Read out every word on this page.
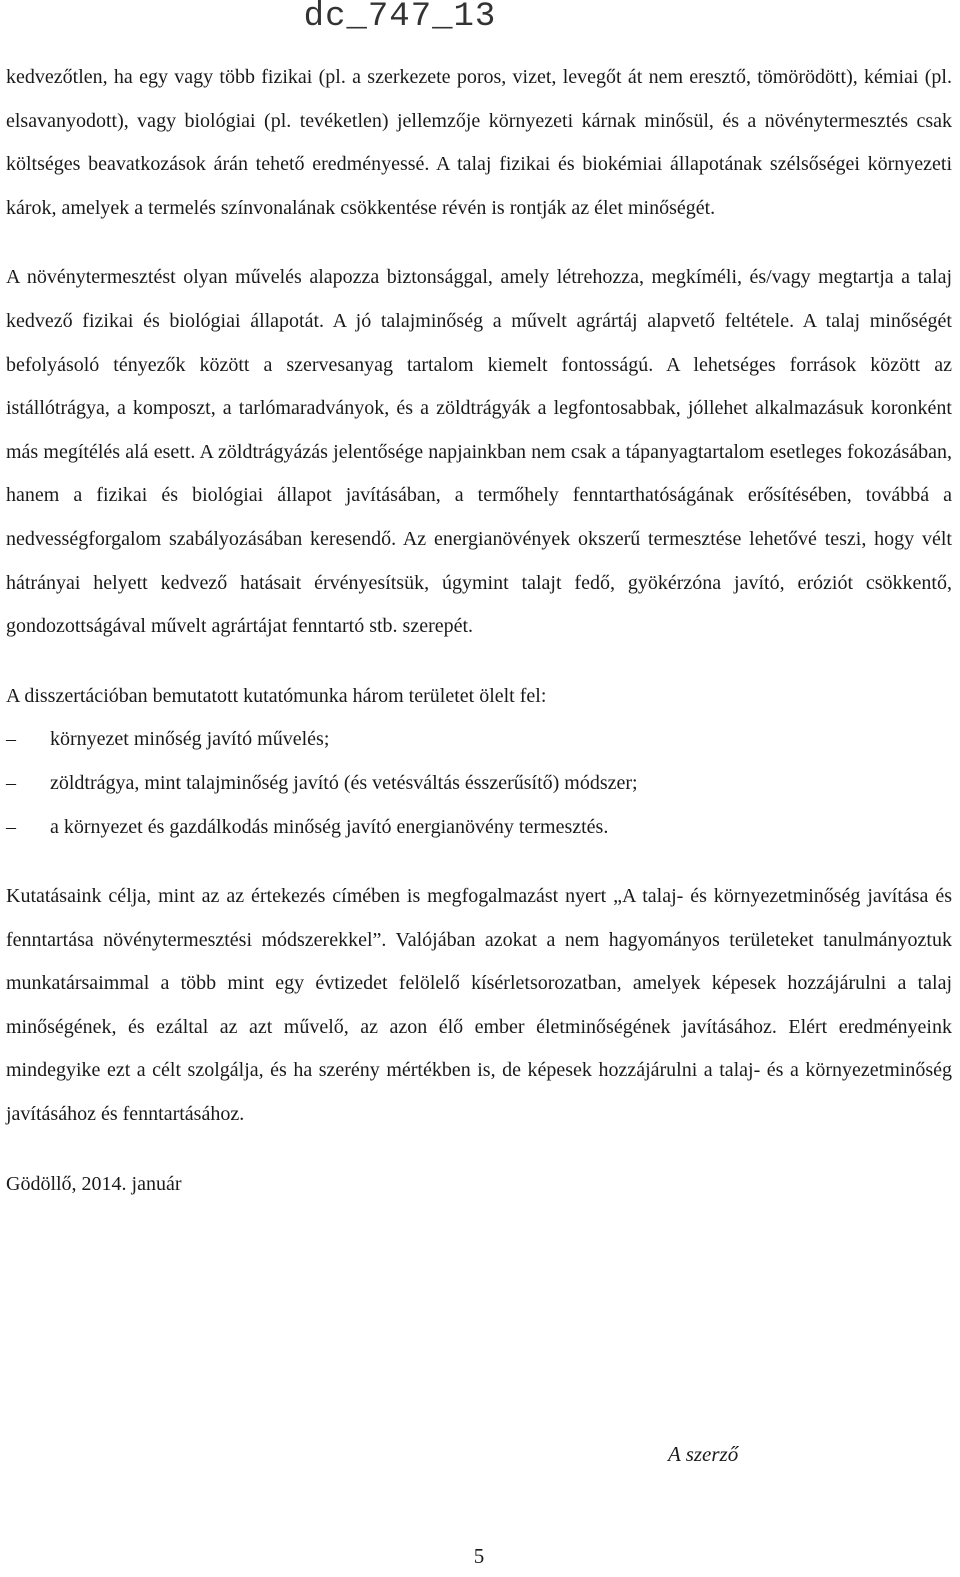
dc_747_13

kedvezőtlen, ha egy vagy több fizikai (pl. a szerkezete poros, vizet, levegőt át nem eresztő, tömörödött), kémiai (pl. elsavanyodott), vagy biológiai (pl. tevéketlen) jellemzője környezeti kárnak minősül, és a növénytermesztés csak költséges beavatkozások árán tehető eredményessé. A talaj fizikai és biokémiai állapotának szélsőségei környezeti károk, amelyek a termelés színvonalának csökkentése révén is rontják az élet minőségét.

A növénytermesztést olyan művelés alapozza biztonsággal, amely létrehozza, megkíméli, és/vagy megtartja a talaj kedvező fizikai és biológiai állapotát. A jó talajminőség a művelt agrártáj alapvető feltétele. A talaj minőségét befolyásoló tényezők között a szervesanyag tartalom kiemelt fontosságú. A lehetséges források között az istállótrágya, a komposzt, a tarlómaradványok, és a zöldtrágyák a legfontosabbak, jóllehet alkalmazásuk koronként más megítélés alá esett. A zöldtrágyázás jelentősége napjainkban nem csak a tápanyagtartalom esetleges fokozásában, hanem a fizikai és biológiai állapot javításában, a termőhely fenntarthatóságának erősítésében, továbbá a nedvességforgalom szabályozásában keresendő. Az energianövények okszerű termesztése lehetővé teszi, hogy vélt hátrányai helyett kedvező hatásait érvényesítsük, úgymint talajt fedő, gyökérzóna javító, eróziót csökkentő, gondozottságával művelt agrártájat fenntartó stb. szerepét.

A disszertációban bemutatott kutatómunka három területet ölelt fel:

–	környezet minőség javító művelés;
–	zöldtrágya, mint talajminőség javító (és vetésváltás ésszerűsítő) módszer;
–	a környezet és gazdálkodás minőség javító energianövény termesztés.

Kutatásaink célja, mint az az értekezés címében is megfogalmazást nyert „A talaj- és környezetminőség javítása és fenntartása növénytermesztési módszerekkel”. Valójában azokat a nem hagyományos területeket tanulmányoztuk munkatársaimmal a több mint egy évtizedet felölelő kísérletsorozatban, amelyek képesek hozzájárulni a talaj minőségének, és ezáltal az azt művelő, az azon élő ember életminőségének javításához. Elért eredményeink mindegyike ezt a célt szolgálja, és ha szerény mértékben is, de képesek hozzájárulni a talaj- és a környezetminőség javításához és fenntartásához.

Gödöllő, 2014. január

A szerző
5
